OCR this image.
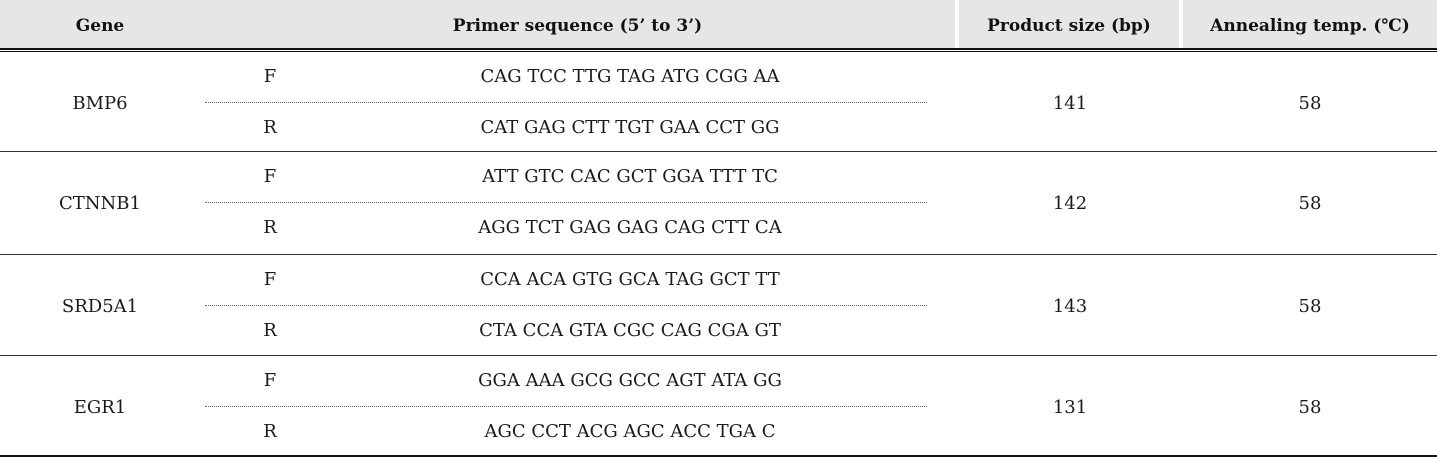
Gene	Primer sequence (5’ to 3’)	Product size (bp)	Annealing temp. (℃)
BMP6
F	CAG TCC TTG TAG ATG CGG AA
R	CAT GAG CTT TGT GAA CCT GG
141	58
CTNNB1
F	ATT GTC CAC GCT GGA TTT TC
R	AGG TCT GAG GAG CAG CTT CA
142	58
SRD5A1
F	CCA ACA GTG GCA TAG GCT TT
R	CTA CCA GTA CGC CAG CGA GT
143	58
EGR1
F	GGA AAA GCG GCC AGT ATA GG
R	AGC CCT ACG AGC ACC TGA C
131	58
